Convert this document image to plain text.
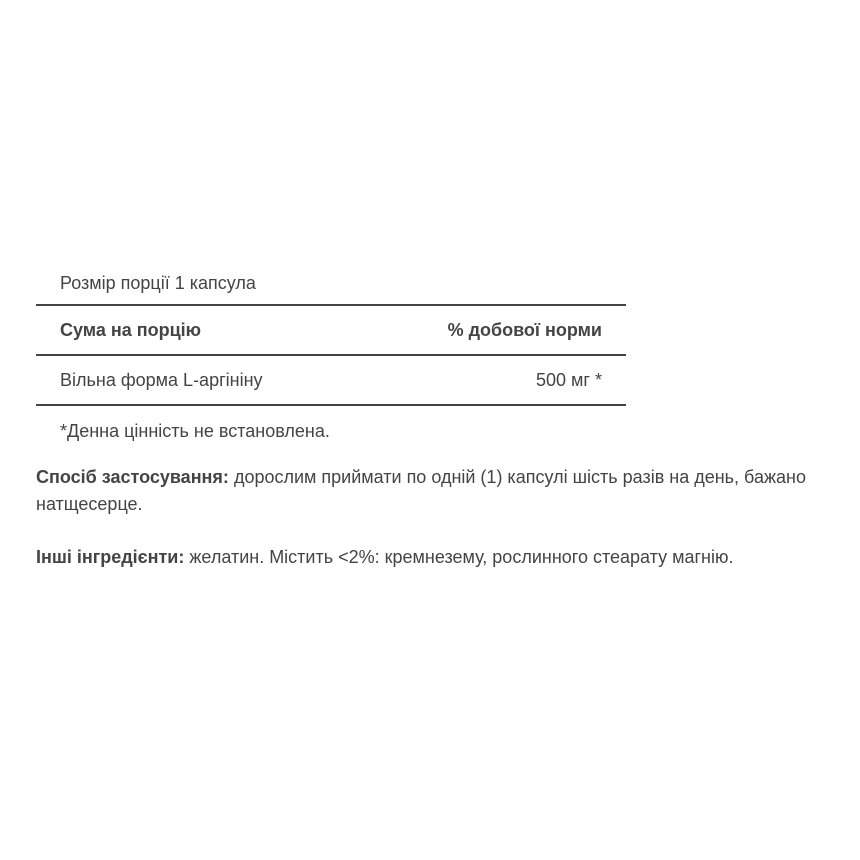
Розмір порції 1 капсула
Сума на порцію	% добової норми
Вільна форма L-аргініну	500 мг *
*Денна цінність не встановлена.

Спосіб застосування: дорослим приймати по одній (1) капсулі шість разів на день, бажано натщесерце.

Інші інгредієнти: желатин. Містить <2%: кремнезему, рослинного стеарату магнію.
